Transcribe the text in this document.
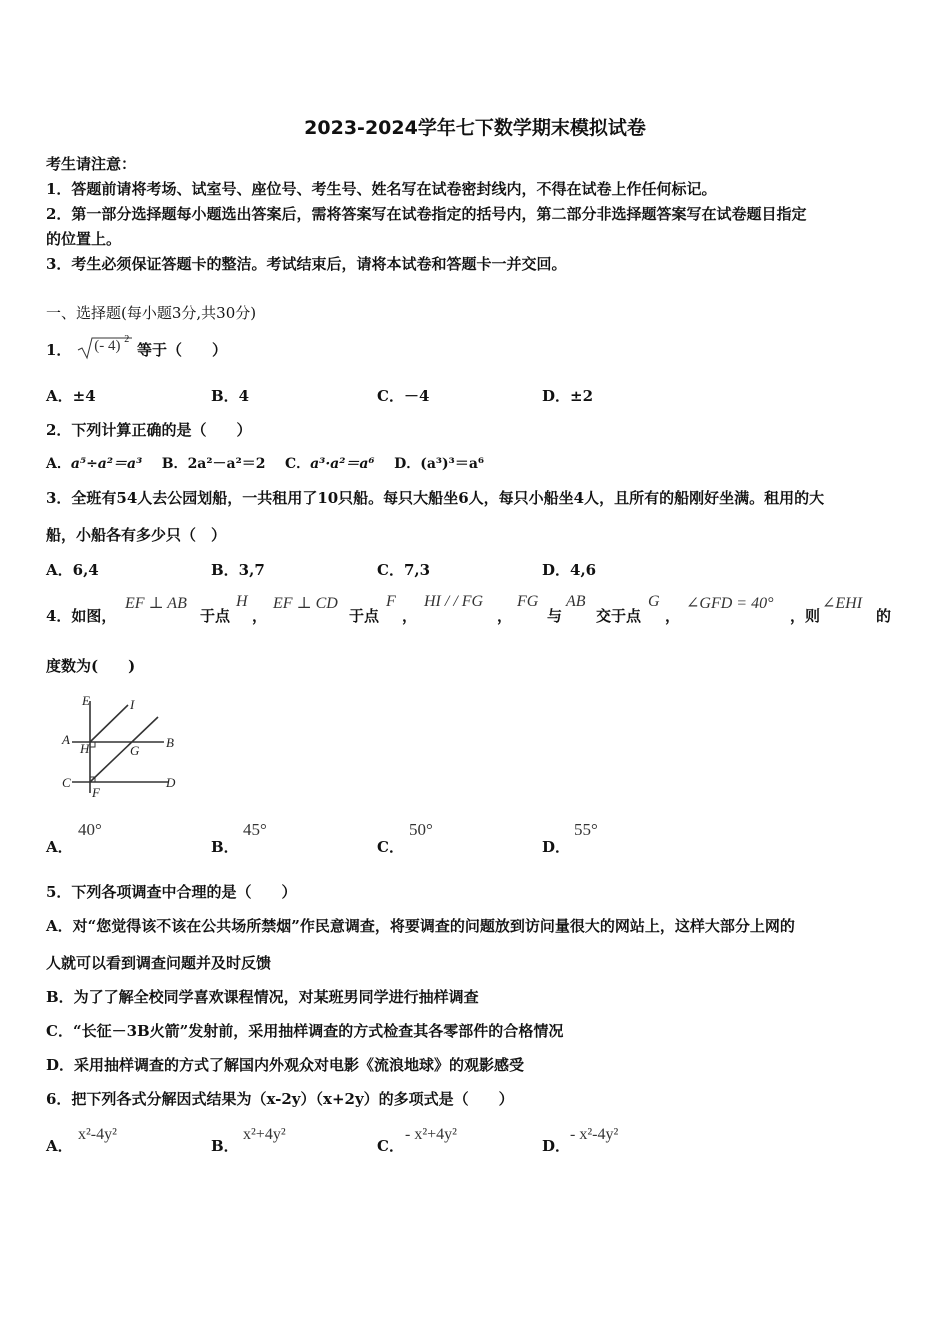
2023-2024学年七下数学期末模拟试卷
考生请注意：
1．答题前请将考场、试室号、座位号、考生号、姓名写在试卷密封线内，不得在试卷上作任何标记。
2．第一部分选择题每小题选出答案后，需将答案写在试卷指定的括号内，第二部分非选择题答案写在试卷题目指定
的位置上。
3．考生必须保证答题卡的整洁。考试结束后，请将本试卷和答题卡一并交回。
一、选择题(每小题3分,共30分)
1． (- 4) 2
等于（　　）
A．±4	B．4	C．－4	D．±2
2．下列计算正确的是（　　）
A．a⁵÷a²＝a³ B．2a²－a²＝2 C．a³·a²＝a⁶ D．(a³)³＝a⁶
3．全班有54人去公园划船，一共租用了10只船。每只大船坐6人，每只小船坐4人，且所有的船刚好坐满。租用的大
船，小船各有多少只（　）
A．6,4	B．3,7	C．7,3	D．4,6
4．如图，
EF ⊥ AB
于点
H
，
EF ⊥ CD
于点
F
，
HI / / FG
，
FG
与
AB
交于点
G
，
∠GFD = 40°
，则
∠EHI
的
度数为(　　)
E	I
A
H	G
B
C
F
D
A．
40°
B．
45°
C．
50°
D．
55°
5．下列各项调查中合理的是（　　）
A．对“您觉得该不该在公共场所禁烟”作民意调查，将要调查的问题放到访问量很大的网站上，这样大部分上网的
人就可以看到调查问题并及时反馈
B．为了了解全校同学喜欢课程情况，对某班男同学进行抽样调查
C．“长征－3B火箭”发射前，采用抽样调查的方式检查其各零部件的合格情况
D．采用抽样调查的方式了解国内外观众对电影《流浪地球》的观影感受
6．把下列各式分解因式结果为（x-2y）（x+2y）的多项式是（　　）
A．
x²-4y²
B．
x²+4y²
C．
- x²+4y²
D．
- x²-4y²
